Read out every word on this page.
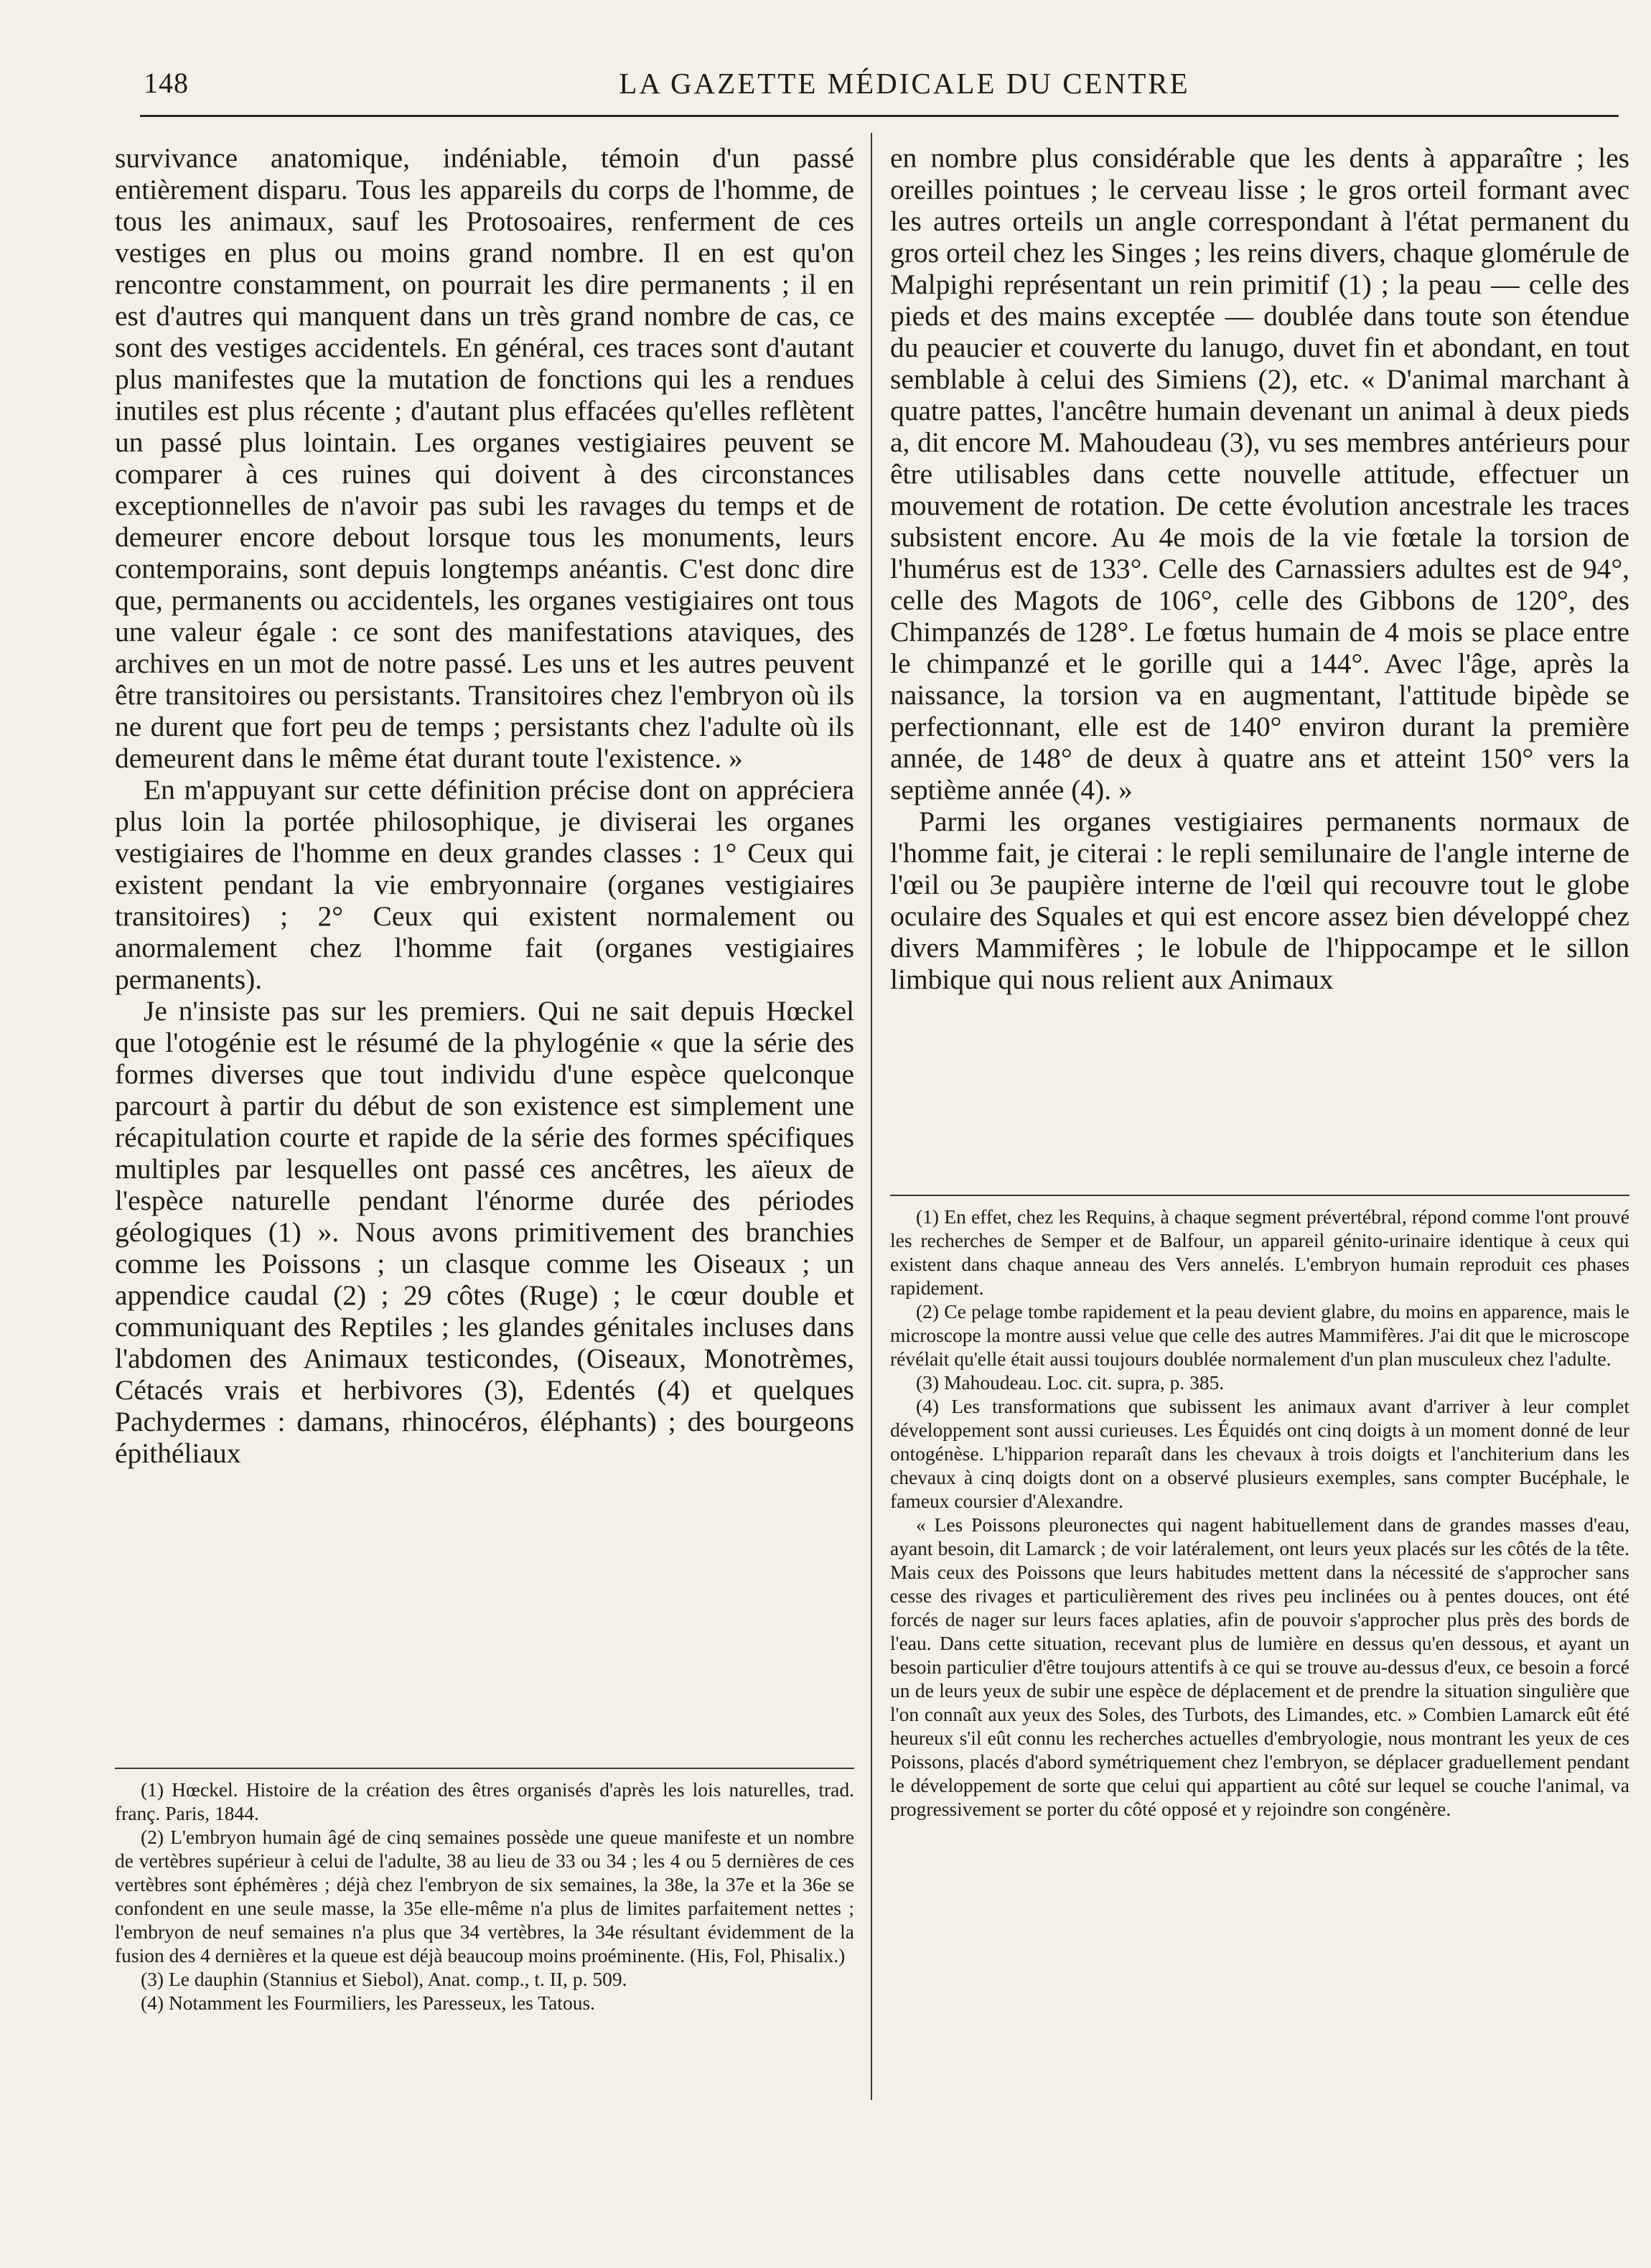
148	LA GAZETTE MÉDICALE DU CENTRE

survivance anatomique, indéniable, témoin d'un passé entièrement disparu. Tous les appareils du corps de l'homme, de tous les animaux, sauf les Protosoaires, renferment de ces vestiges en plus ou moins grand nombre. Il en est qu'on rencontre constamment, on pourrait les dire permanents ; il en est d'autres qui manquent dans un très grand nombre de cas, ce sont des vestiges accidentels. En général, ces traces sont d'autant plus manifestes que la mutation de fonctions qui les a rendues inutiles est plus récente ; d'autant plus effacées qu'elles reflètent un passé plus lointain. Les organes vestigiaires peuvent se comparer à ces ruines qui doivent à des circonstances exceptionnelles de n'avoir pas subi les ravages du temps et de demeurer encore debout lorsque tous les monuments, leurs contemporains, sont depuis longtemps anéantis. C'est donc dire que, permanents ou accidentels, les organes vestigiaires ont tous une valeur égale : ce sont des manifestations ataviques, des archives en un mot de notre passé. Les uns et les autres peuvent être transitoires ou persistants. Transitoires chez l'embryon où ils ne durent que fort peu de temps ; persistants chez l'adulte où ils demeurent dans le même état durant toute l'existence. »

En m'appuyant sur cette définition précise dont on appréciera plus loin la portée philosophique, je diviserai les organes vestigiaires de l'homme en deux grandes classes : 1° Ceux qui existent pendant la vie embryonnaire (organes vestigiaires transitoires) ; 2° Ceux qui existent normalement ou anormalement chez l'homme fait (organes vestigiaires permanents).

Je n'insiste pas sur les premiers. Qui ne sait depuis Hœckel que l'otogénie est le résumé de la phylogénie « que la série des formes diverses que tout individu d'une espèce quelconque parcourt à partir du début de son existence est simplement une récapitulation courte et rapide de la série des formes spécifiques multiples par lesquelles ont passé ces ancêtres, les aïeux de l'espèce naturelle pendant l'énorme durée des périodes géologiques (1) ». Nous avons primitivement des branchies comme les Poissons ; un clasque comme les Oiseaux ; un appendice caudal (2) ; 29 côtes (Ruge) ; le cœur double et communiquant des Reptiles ; les glandes génitales incluses dans l'abdomen des Animaux testicondes, (Oiseaux, Monotrèmes, Cétacés vrais et herbivores (3), Edentés (4) et quelques Pachydermes : damans, rhinocéros, éléphants) ; des bourgeons épithéliaux

(1) Hœckel. Histoire de la création des êtres organisés d'après les lois naturelles, trad. franç. Paris, 1844.

(2) L'embryon humain âgé de cinq semaines possède une queue manifeste et un nombre de vertèbres supérieur à celui de l'adulte, 38 au lieu de 33 ou 34 ; les 4 ou 5 dernières de ces vertèbres sont éphémères ; déjà chez l'embryon de six semaines, la 38e, la 37e et la 36e se confondent en une seule masse, la 35e elle-même n'a plus de limites parfaitement nettes ; l'embryon de neuf semaines n'a plus que 34 vertèbres, la 34e résultant évidemment de la fusion des 4 dernières et la queue est déjà beaucoup moins proéminente. (His, Fol, Phisalix.)

(3) Le dauphin (Stannius et Siebol), Anat. comp., t. II, p. 509.

(4) Notamment les Fourmiliers, les Paresseux, les Tatous.

en nombre plus considérable que les dents à apparaître ; les oreilles pointues ; le cerveau lisse ; le gros orteil formant avec les autres orteils un angle correspondant à l'état permanent du gros orteil chez les Singes ; les reins divers, chaque glomérule de Malpighi représentant un rein primitif (1) ; la peau — celle des pieds et des mains exceptée — doublée dans toute son étendue du peaucier et couverte du lanugo, duvet fin et abondant, en tout semblable à celui des Simiens (2), etc. « D'animal marchant à quatre pattes, l'ancêtre humain devenant un animal à deux pieds a, dit encore M. Mahoudeau (3), vu ses membres antérieurs pour être utilisables dans cette nouvelle attitude, effectuer un mouvement de rotation. De cette évolution ancestrale les traces subsistent encore. Au 4e mois de la vie fœtale la torsion de l'humérus est de 133°. Celle des Carnassiers adultes est de 94°, celle des Magots de 106°, celle des Gibbons de 120°, des Chimpanzés de 128°. Le fœtus humain de 4 mois se place entre le chimpanzé et le gorille qui a 144°. Avec l'âge, après la naissance, la torsion va en augmentant, l'attitude bipède se perfectionnant, elle est de 140° environ durant la première année, de 148° de deux à quatre ans et atteint 150° vers la septième année (4). »

Parmi les organes vestigiaires permanents normaux de l'homme fait, je citerai : le repli semilunaire de l'angle interne de l'œil ou 3e paupière interne de l'œil qui recouvre tout le globe oculaire des Squales et qui est encore assez bien développé chez divers Mammifères ; le lobule de l'hippocampe et le sillon limbique qui nous relient aux Animaux

(1) En effet, chez les Requins, à chaque segment prévertébral, répond comme l'ont prouvé les recherches de Semper et de Balfour, un appareil génito-urinaire identique à ceux qui existent dans chaque anneau des Vers annelés. L'embryon humain reproduit ces phases rapidement.

(2) Ce pelage tombe rapidement et la peau devient glabre, du moins en apparence, mais le microscope la montre aussi velue que celle des autres Mammifères. J'ai dit que le microscope révélait qu'elle était aussi toujours doublée normalement d'un plan musculeux chez l'adulte.

(3) Mahoudeau. Loc. cit. supra, p. 385.

(4) Les transformations que subissent les animaux avant d'arriver à leur complet développement sont aussi curieuses. Les Équidés ont cinq doigts à un moment donné de leur ontogénèse. L'hipparion reparaît dans les chevaux à trois doigts et l'anchiterium dans les chevaux à cinq doigts dont on a observé plusieurs exemples, sans compter Bucéphale, le fameux coursier d'Alexandre.

« Les Poissons pleuronectes qui nagent habituellement dans de grandes masses d'eau, ayant besoin, dit Lamarck ; de voir latéralement, ont leurs yeux placés sur les côtés de la tête. Mais ceux des Poissons que leurs habitudes mettent dans la nécessité de s'approcher sans cesse des rivages et particulièrement des rives peu inclinées ou à pentes douces, ont été forcés de nager sur leurs faces aplaties, afin de pouvoir s'approcher plus près des bords de l'eau. Dans cette situation, recevant plus de lumière en dessus qu'en dessous, et ayant un besoin particulier d'être toujours attentifs à ce qui se trouve au-dessus d'eux, ce besoin a forcé un de leurs yeux de subir une espèce de déplacement et de prendre la situation singulière que l'on connaît aux yeux des Soles, des Turbots, des Limandes, etc. » Combien Lamarck eût été heureux s'il eût connu les recherches actuelles d'embryologie, nous montrant les yeux de ces Poissons, placés d'abord symétriquement chez l'embryon, se déplacer graduellement pendant le développement de sorte que celui qui appartient au côté sur lequel se couche l'animal, va progressivement se porter du côté opposé et y rejoindre son congénère.
